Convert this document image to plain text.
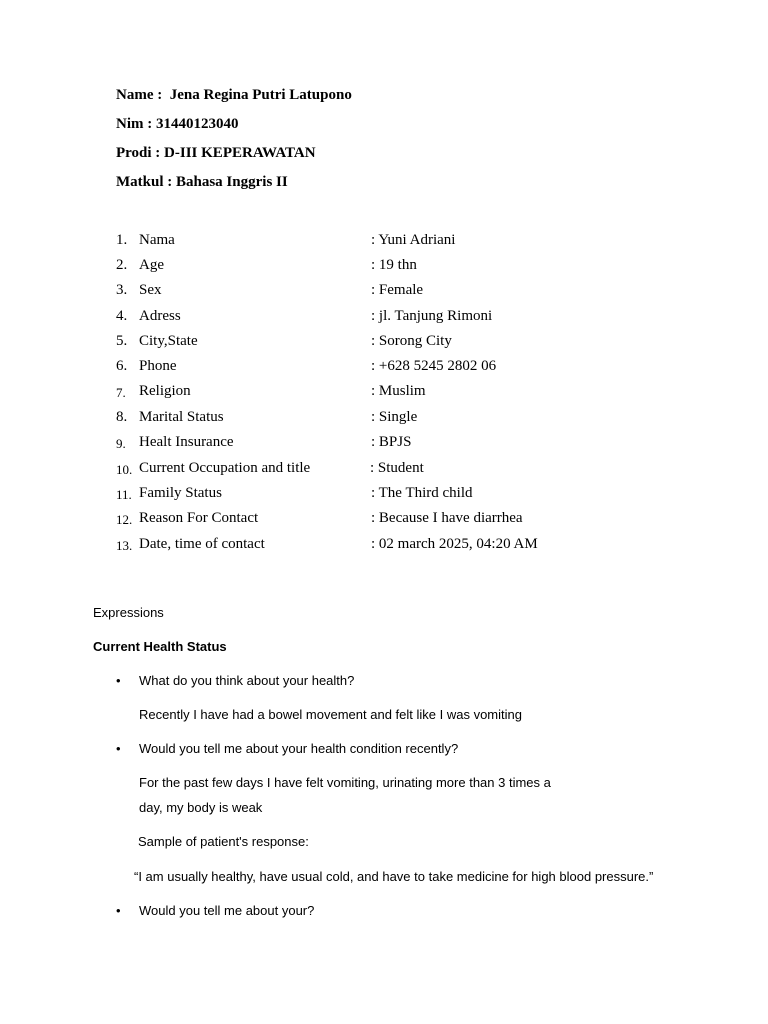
Name :  Jena Regina Putri Latupono
Nim : 31440123040
Prodi : D-III KEPERAWATAN
Matkul : Bahasa Inggris II
1. Nama	: Yuni Adriani
2. Age	: 19 thn
3. Sex	: Female
4. Adress	: jl. Tanjung Rimoni
5. City,State	: Sorong City
6. Phone	: +628 5245 2802 06
7. Religion	: Muslim
8. Marital Status	: Single
9. Healt Insurance	: BPJS
10. Current Occupation and title	: Student
11. Family Status	: The Third child
12. Reason For Contact	: Because I have diarrhea
13. Date, time of contact	: 02 march 2025, 04:20 AM
Expressions
Current Health Status
• What do you think about your health?
Recently I have had a bowel movement and felt like I was vomiting
• Would you tell me about your health condition recently?
For the past few days I have felt vomiting, urinating more than 3 times a
day, my body is weak
Sample of patient's response:
“I am usually healthy, have usual cold, and have to take medicine for high blood pressure.”
• Would you tell me about your?
